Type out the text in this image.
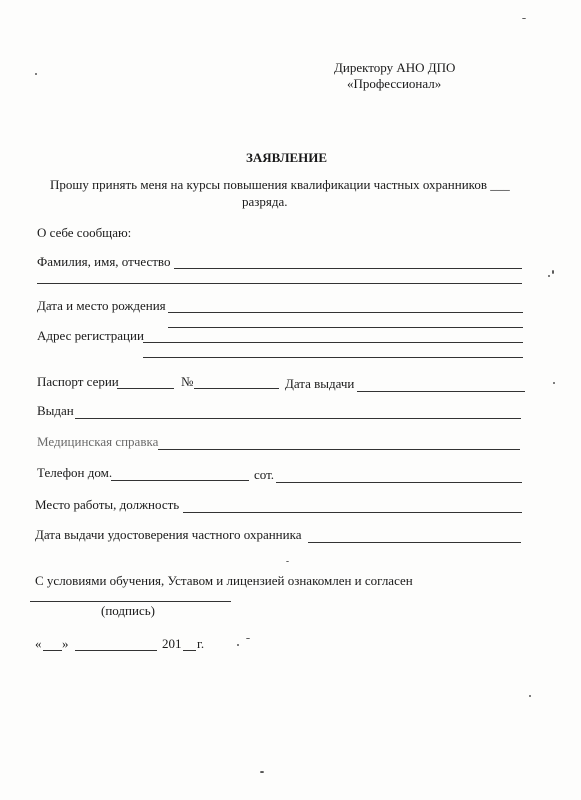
Директору АНО ДПО
«Профессионал»
ЗАЯВЛЕНИЕ
Прошу принять меня на курсы повышения квалификации частных охранников ___
разряда.
О себе сообщаю:
Фамилия, имя, отчество
Дата и место рождения
Адрес регистрации
Паспорт серии	№	Дата выдачи
Выдан
Медицинская справка
Телефон дом.	сот.
Место работы, должность
Дата выдачи удостоверения частного охранника
С условиями обучения, Уставом и лицензией ознакомлен и согласен
(подпись)
« »	201 г.
